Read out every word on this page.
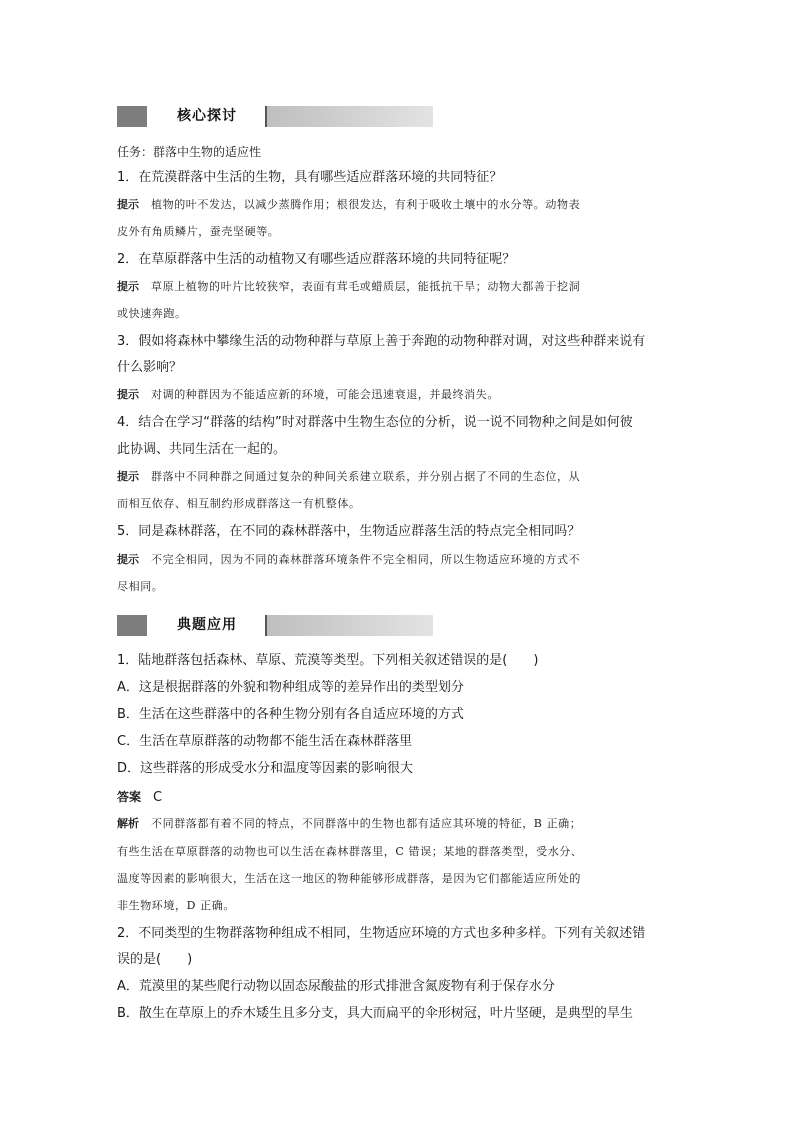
核心探讨
任务：群落中生物的适应性
1．在荒漠群落中生活的生物，具有哪些适应群落环境的共同特征？
提示 植物的叶不发达，以减少蒸腾作用；根很发达，有利于吸收土壤中的水分等。动物表
皮外有角质鳞片，蚕壳坚硬等。
2．在草原群落中生活的动植物又有哪些适应群落环境的共同特征呢？
提示 草原上植物的叶片比较狭窄，表面有茸毛或蜡质层，能抵抗干旱；动物大都善于挖洞
或快速奔跑。
3．假如将森林中攀缘生活的动物种群与草原上善于奔跑的动物种群对调，对这些种群来说有
什么影响？
提示 对调的种群因为不能适应新的环境，可能会迅速衰退，并最终消失。
4．结合在学习“群落的结构”时对群落中生物生态位的分析，说一说不同物种之间是如何彼
此协调、共同生活在一起的。
提示 群落中不同种群之间通过复杂的种间关系建立联系，并分别占据了不同的生态位，从
而相互依存、相互制约形成群落这一有机整体。
5．同是森林群落，在不同的森林群落中，生物适应群落生活的特点完全相同吗？
提示 不完全相同，因为不同的森林群落环境条件不完全相同，所以生物适应环境的方式不
尽相同。
典题应用
1．陆地群落包括森林、草原、荒漠等类型。下列相关叙述错误的是(　　)
A．这是根据群落的外貌和物种组成等的差异作出的类型划分
B．生活在这些群落中的各种生物分别有各自适应环境的方式
C．生活在草原群落的动物都不能生活在森林群落里
D．这些群落的形成受水分和温度等因素的影响很大
答案 C
解析 不同群落都有着不同的特点，不同群落中的生物也都有适应其环境的特征，B 正确；
有些生活在草原群落的动物也可以生活在森林群落里，C 错误；某地的群落类型，受水分、
温度等因素的影响很大，生活在这一地区的物种能够形成群落，是因为它们都能适应所处的
非生物环境，D 正确。
2．不同类型的生物群落物种组成不相同，生物适应环境的方式也多种多样。下列有关叙述错
误的是(　　)
A．荒漠里的某些爬行动物以固态尿酸盐的形式排泄含氮废物有利于保存水分
B．散生在草原上的乔木矮生且多分支，具大而扁平的伞形树冠，叶片坚硬，是典型的旱生
